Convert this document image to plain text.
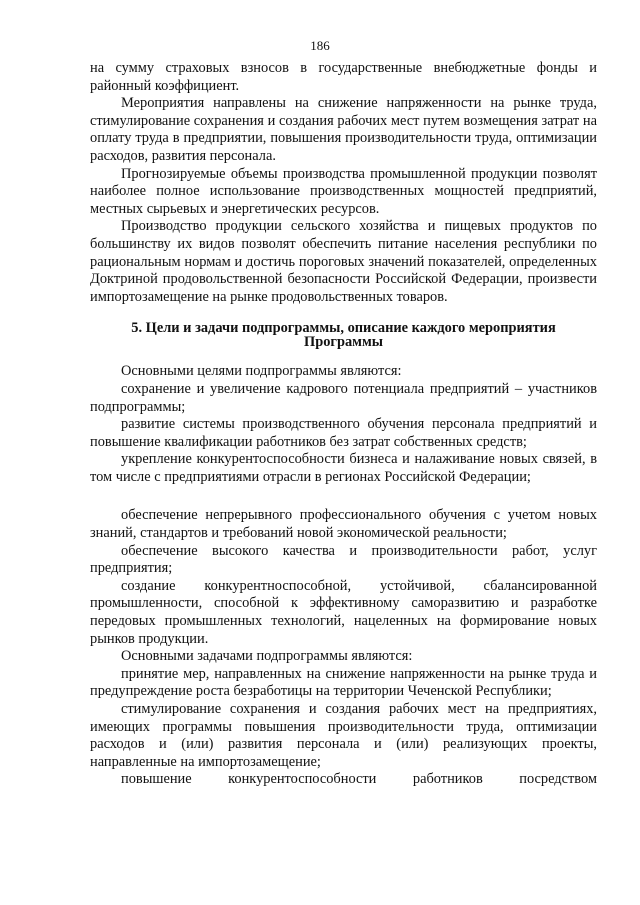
186

на сумму страховых взносов в государственные внебюджетные фонды и районный коэффициент.

Мероприятия направлены на снижение напряженности на рынке труда, стимулирование сохранения и создания рабочих мест путем возмещения затрат на оплату труда в предприятии, повышения производительности труда, оптимизации расходов, развития персонала.

Прогнозируемые объемы производства промышленной продукции позволят наиболее полное использование производственных мощностей предприятий, местных сырьевых и энергетических ресурсов.

Производство продукции сельского хозяйства и пищевых продуктов по большинству их видов позволят обеспечить питание населения республики по рациональным нормам и достичь пороговых значений показателей, определенных Доктриной продовольственной безопасности Российской Федерации, произвести импортозамещение на рынке продовольственных товаров.

5. Цели и задачи подпрограммы, описание каждого мероприятия Программы

Основными целями подпрограммы являются:

сохранение и увеличение кадрового потенциала предприятий – участников подпрограммы;

развитие системы производственного обучения персонала предприятий и повышение квалификации работников без затрат собственных средств;

укрепление конкурентоспособности бизнеса и налаживание новых связей, в том числе с предприятиями отрасли в регионах Российской Федерации;

обеспечение непрерывного профессионального обучения с учетом новых знаний, стандартов и требований новой экономической реальности;

обеспечение высокого качества и производительности работ, услуг предприятия;

создание конкурентноспособной, устойчивой, сбалансированной промышленности, способной к эффективному саморазвитию и разработке передовых промышленных технологий, нацеленных на формирование новых рынков продукции.

Основными задачами подпрограммы являются:

принятие мер, направленных на снижение напряженности на рынке труда и предупреждение роста безработицы на территории Чеченской Республики;

стимулирование сохранения и создания рабочих мест на предприятиях, имеющих программы повышения производительности труда, оптимизации расходов и (или) развития персонала и (или) реализующих проекты, направленные на импортозамещение;

повышение конкурентоспособности работников посредством
